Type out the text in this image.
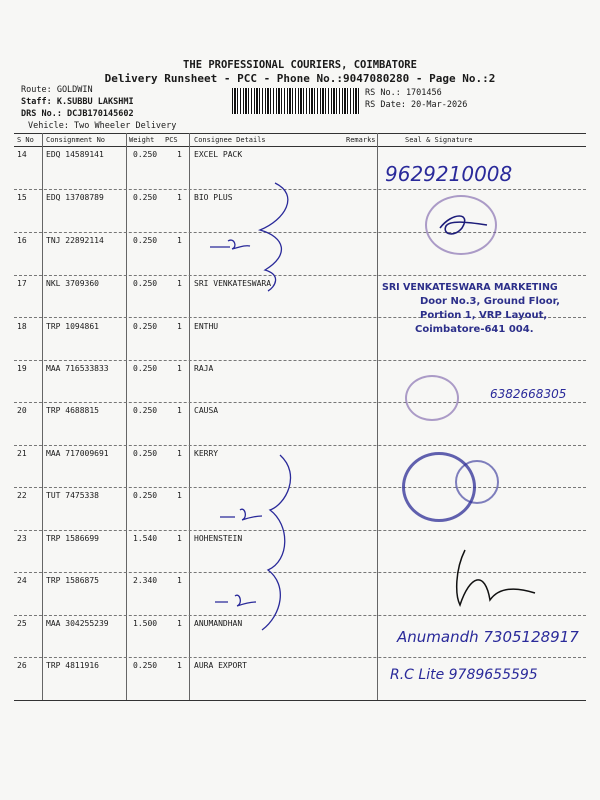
THE PROFESSIONAL COURIERS, COIMBATORE
Delivery Runsheet - PCC - Phone No.:9047080280 - Page No.:2
Route: GOLDWIN
Staff: K.SUBBU LAKSHMI
DRS No.: DCJB170145602
Vehicle: Two Wheeler Delivery
RS No.: 1701456
RS Date: 20-Mar-2026
S No Consignment No	Weight PCS Consignee Details	Remarks	Seal & Signature
14 EDQ 14589141	0.250 1 EXCEL PACK
15 EDQ 13708789	0.250 1 BIO PLUS
16 TNJ 22892114	0.250 1
17 NKL 3709360	0.250 1 SRI VENKATESWARA
18 TRP 1094861	0.250 1 ENTHU
19 MAA 716533833	0.250 1 RAJA
20 TRP 4688815	0.250 1 CAUSA
21 MAA 717009691	0.250 1 KERRY
22 TUT 7475338	0.250 1
23 TRP 1586699	1.540 1 HOHENSTEIN
24 TRP 1586875	2.340 1
25 MAA 304255239	1.500 1 ANUMANDHAN
26 TRP 4811916	0.250 1 AURA EXPORT
9629210008
SRI VENKATESWARA MARKETING
Door No.3, Ground Floor,
Portion 1, VRP Layout,
Coimbatore-641 004.
6382668305
Anumandh 7305128917
R.C Lite 9789655595
